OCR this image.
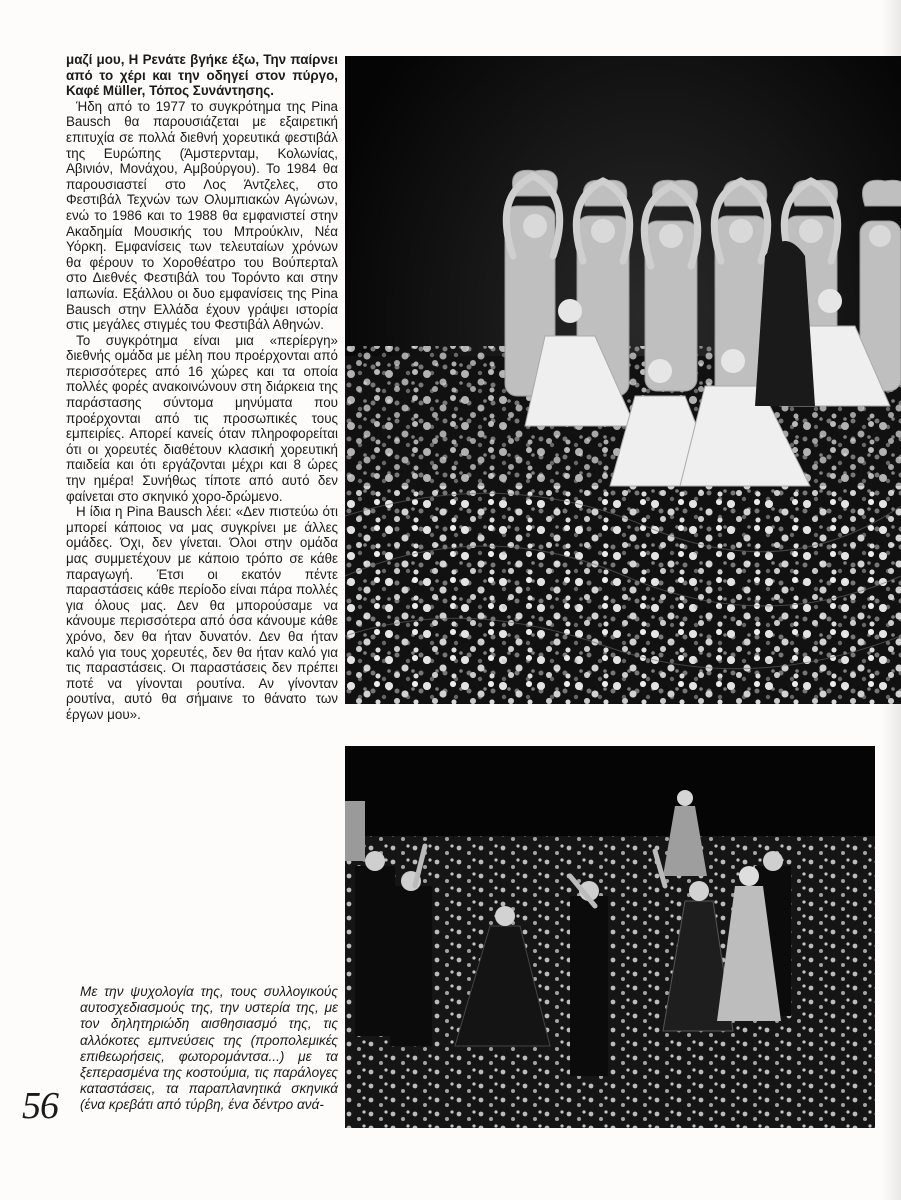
μαζί μου, Η Ρενάτε βγήκε έξω, Την παίρνει από το χέρι και την οδηγεί στον πύργο, Καφέ Müller, Τόπος Συνάντησης.

Ήδη από το 1977 το συγκρότημα της Pina Bausch θα παρουσιάζεται με εξαιρετική επιτυχία σε πολλά διεθνή χορευτικά φεστιβάλ της Ευρώπης (Άμστερνταμ, Κολωνίας, Αβινιόν, Μονάχου, Αμβούργου). Το 1984 θα παρουσιαστεί στο Λος Άντζελες, στο Φεστιβάλ Τεχνών των Ολυμπιακών Αγώνων, ενώ το 1986 και το 1988 θα εμφανιστεί στην Ακαδημία Μουσικής του Μπρούκλιν, Νέα Υόρκη. Εμφανίσεις των τελευταίων χρόνων θα φέρουν το Χοροθέατρο του Βούπερταλ στο Διεθνές Φεστιβάλ του Τορόντο και στην Ιαπωνία. Εξάλλου οι δυο εμφανίσεις της Pina Bausch στην Ελλάδα έχουν γράψει ιστορία στις μεγάλες στιγμές του Φεστιβάλ Αθηνών.

Το συγκρότημα είναι μια «περίεργη» διεθνής ομάδα με μέλη που προέρχονται από περισσότερες από 16 χώρες και τα οποία πολλές φορές ανακοινώνουν στη διάρκεια της παράστασης σύντομα μηνύματα που προέρχονται από τις προσωπικές τους εμπειρίες. Απορεί κανείς όταν πληροφορείται ότι οι χορευτές διαθέτουν κλασική χορευτική παιδεία και ότι εργάζονται μέχρι και 8 ώρες την ημέρα! Συνήθως τίποτε από αυτό δεν φαίνεται στο σκηνικό χορο-δρώμενο.

Η ίδια η Pina Bausch λέει: «Δεν πιστεύω ότι μπορεί κάποιος να μας συγκρίνει με άλλες ομάδες. Όχι, δεν γίνεται. Όλοι στην ομάδα μας συμμετέχουν με κάποιο τρόπο σε κάθε παραγωγή. Έτσι οι εκατόν πέντε παραστάσεις κάθε περίοδο είναι πάρα πολλές για όλους μας. Δεν θα μπορούσαμε να κάνουμε περισσότερα από όσα κάνουμε κάθε χρόνο, δεν θα ήταν δυνατόν. Δεν θα ήταν καλό για τους χορευτές, δεν θα ήταν καλό για τις παραστάσεις. Οι παραστάσεις δεν πρέπει ποτέ να γίνονται ρουτίνα. Αν γίνονταν ρουτίνα, αυτό θα σήμαινε το θάνατο των έργων μου».

Με την ψυχολογία της, τους συλλογικούς αυτοσχεδιασμούς της, την υστερία της, με τον δηλητηριώδη αισθησιασμό της, τις αλλόκοτες εμπνεύσεις της (προπολεμικές επιθεωρήσεις, φωτορομάντσα...) με τα ξεπερασμένα της κοστούμια, τις παράλογες καταστάσεις, τα παραπλανητικά σκηνικά (ένα κρεβάτι από τύρβη, ένα δέντρο ανά-

56
